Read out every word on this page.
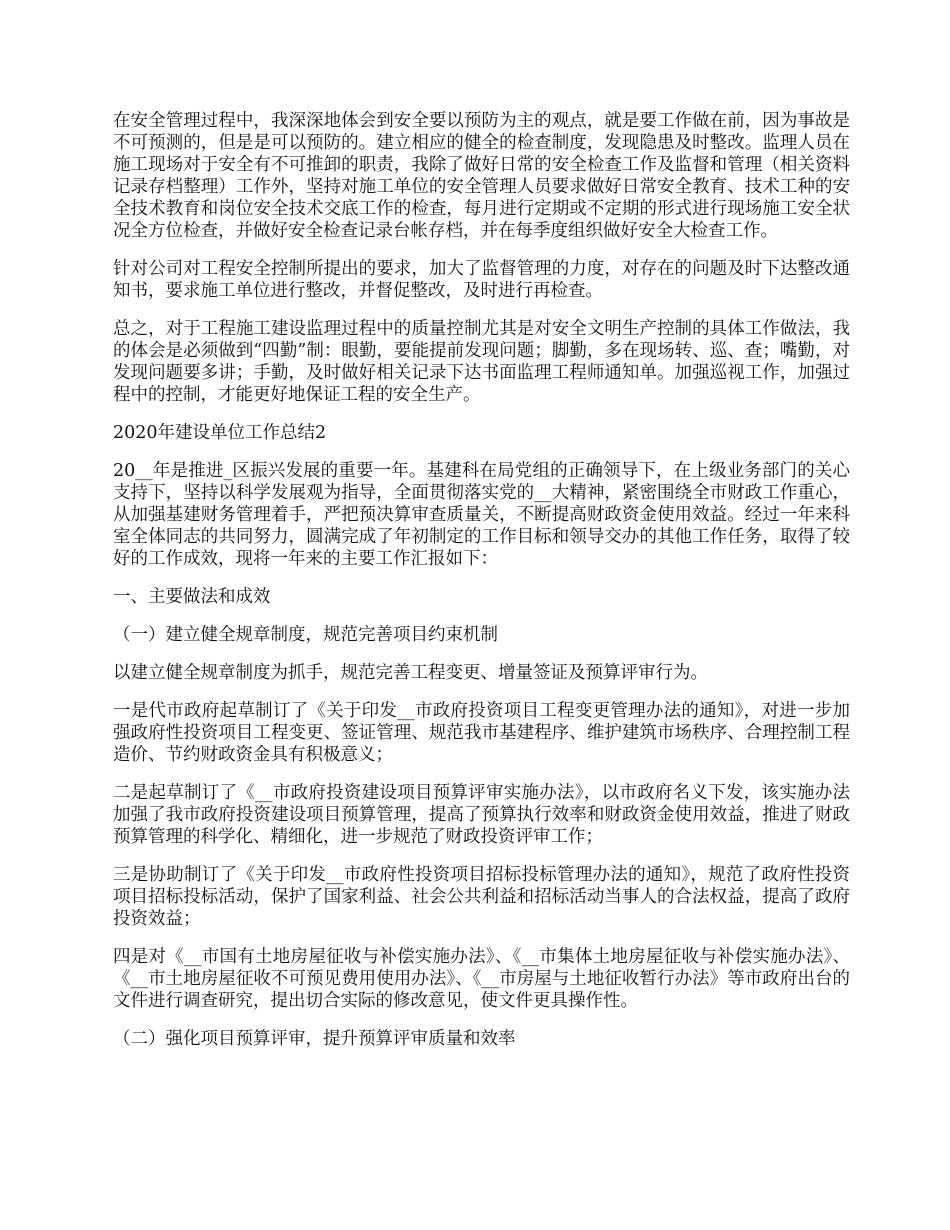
在安全管理过程中，我深深地体会到安全要以预防为主的观点，就是要工作做在前，因为事故是不可预测的，但是是可以预防的。建立相应的健全的检查制度，发现隐患及时整改。监理人员在施工现场对于安全有不可推卸的职责，我除了做好日常的安全检查工作及监督和管理（相关资料记录存档整理）工作外，坚持对施工单位的安全管理人员要求做好日常安全教育、技术工种的安全技术教育和岗位安全技术交底工作的检查，每月进行定期或不定期的形式进行现场施工安全状况全方位检查，并做好安全检查记录台帐存档，并在每季度组织做好安全大检查工作。

针对公司对工程安全控制所提出的要求，加大了监督管理的力度，对存在的问题及时下达整改通知书，要求施工单位进行整改，并督促整改，及时进行再检查。

总之，对于工程施工建设监理过程中的质量控制尤其是对安全文明生产控制的具体工作做法，我的体会是必须做到“四勤”制：眼勤，要能提前发现问题；脚勤，多在现场转、巡、查；嘴勤，对发现问题要多讲；手勤，及时做好相关记录下达书面监理工程师通知单。加强巡视工作，加强过程中的控制，才能更好地保证工程的安全生产。

2020年建设单位工作总结2

20__年是推进_区振兴发展的重要一年。基建科在局党组的正确领导下，在上级业务部门的关心支持下，坚持以科学发展观为指导，全面贯彻落实党的__大精神，紧密围绕全市财政工作重心，从加强基建财务管理着手，严把预决算审查质量关，不断提高财政资金使用效益。经过一年来科室全体同志的共同努力，圆满完成了年初制定的工作目标和领导交办的其他工作任务，取得了较好的工作成效，现将一年来的主要工作汇报如下：

一、主要做法和成效

（一）建立健全规章制度，规范完善项目约束机制

以建立健全规章制度为抓手，规范完善工程变更、增量签证及预算评审行为。

一是代市政府起草制订了《关于印发__市政府投资项目工程变更管理办法的通知》，对进一步加强政府性投资项目工程变更、签证管理、规范我市基建程序、维护建筑市场秩序、合理控制工程造价、节约财政资金具有积极意义；

二是起草制订了《__市政府投资建设项目预算评审实施办法》，以市政府名义下发，该实施办法加强了我市政府投资建设项目预算管理，提高了预算执行效率和财政资金使用效益，推进了财政预算管理的科学化、精细化，进一步规范了财政投资评审工作；

三是协助制订了《关于印发__市政府性投资项目招标投标管理办法的通知》，规范了政府性投资项目招标投标活动，保护了国家利益、社会公共利益和招标活动当事人的合法权益，提高了政府投资效益；

四是对《__市国有土地房屋征收与补偿实施办法》、《__市集体土地房屋征收与补偿实施办法》、《__市土地房屋征收不可预见费用使用办法》、《__市房屋与土地征收暂行办法》等市政府出台的文件进行调查研究，提出切合实际的修改意见，使文件更具操作性。

（二）强化项目预算评审，提升预算评审质量和效率
